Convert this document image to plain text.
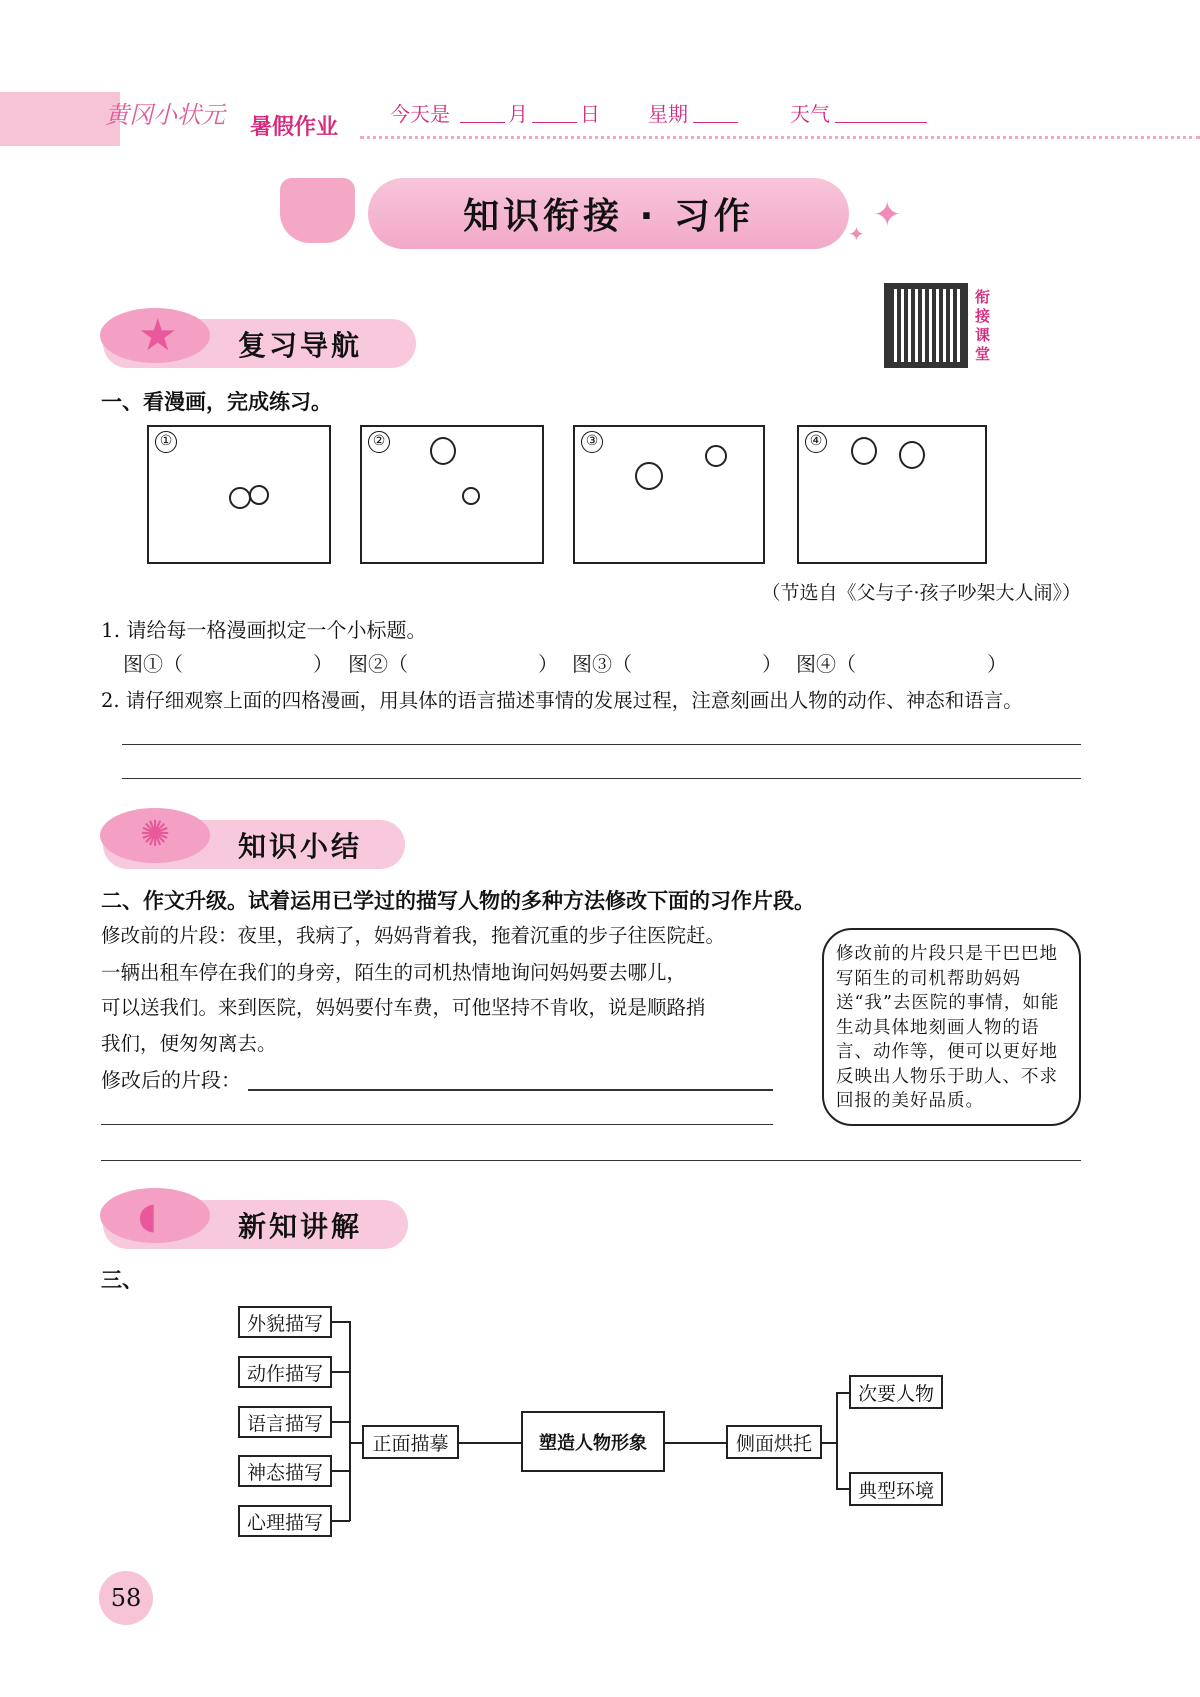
黄冈小状元 暑假作业
今天是	月	日 星期	天气
知识衔接 · 习作	✦
✦
衔接课堂
复习导航
★
一、看漫画，完成练习。
①	②	③	④
（节选自《父与子·孩子吵架大人闹》）
1. 请给每一格漫画拟定一个小标题。
图①（	） 图②（	） 图③（	） 图④（	）
2. 请仔细观察上面的四格漫画，用具体的语言描述事情的发展过程，注意刻画出人物的动作、神态和语言。
知识小结
✺
二、作文升级。试着运用已学过的描写人物的多种方法修改下面的习作片段。
修改前的片段：夜里，我病了，妈妈背着我，拖着沉重的步子往医院赶。
一辆出租车停在我们的身旁，陌生的司机热情地询问妈妈要去哪儿，
可以送我们。来到医院，妈妈要付车费，可他坚持不肯收，说是顺路捎
我们，便匆匆离去。
修改后的片段：
修改前的片段只是干巴巴地写陌生的司机帮助妈妈送“我”去医院的事情，如能生动具体地刻画人物的语言、动作等，便可以更好地反映出人物乐于助人、不求回报的美好品质。
新知讲解
◖
三、
外貌描写
动作描写
语言描写
神态描写
心理描写
正面描摹	塑造人物形象	侧面烘托
次要人物
典型环境
58
